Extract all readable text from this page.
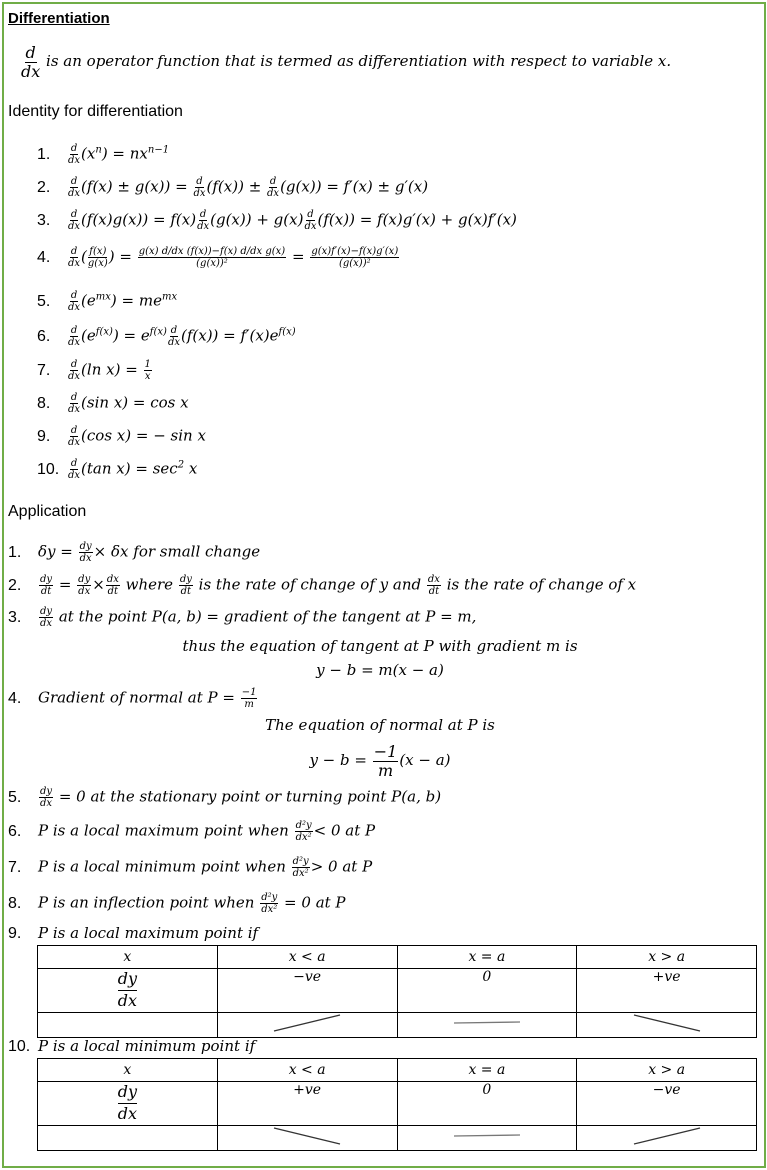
Differentiation
$\frac{d}{dx}$ is an operator function that is termed as differentiation with respect to variable x.
Identity for differentiation
1. $\frac{d}{dx} (x^n) = nx^{n-1}$
2. $\frac{d}{dx} (f(x) \pm g(x)) = \frac{d}{dx} (f(x)) \pm \frac{d}{dx} (g(x)) = f'(x) \pm g'(x)$
3. $\frac{d}{dx} (f(x)g(x)) = f(x) \frac{d}{dx} (g(x)) + g(x) \frac{d}{dx} (f(x)) = f(x)g'(x) + g(x)f'(x)$
4. $\frac{d}{dx}$ ( $\frac{f(x)}{g(x)}$ ) = $\frac{\text{g(x) d/dx (f(x))−f(x) d/dx g(x)}}{\text{(g(x))²}} = \frac{g(x)f'(x)-f(x)g'(x)}{\text{(g(x))²}}$
5. $\frac{d}{dx} (e^{mx}) = me^{mx}$
6. $\frac{d}{dx} (e^{f(x)}) = e^{f(x)} \frac{d}{dx} (f(x)) = f'(x)e^{f(x)}$
7. $\frac{d}{dx} (\ln$ $x) = \frac{1}{x}$
8. $\frac{d}{dx} (\sin$ x) = cos x
9. $\frac{d}{dx} (\cos$ x) = − sin x
10. $\frac{d}{dx} (\tan$ $x) = \sec^2 x$
Application
1. $\delta y = \frac{dy}{dx} \times \delta x$ for small change
2. $\frac{dy}{dt} = \frac{dy}{dx} \times \frac{dx}{dt}$ where $\frac{dy}{dt}$ is the rate of change of y and $\frac{dx}{dt}$ is the rate of change of x
3. $\frac{dy}{dx}$ at the point P(a, b) = gradient of the tangent at P = m,
thus the equation of tangent at P with gradient m is
y − b = m(x − a)
4. Gradient of normal at $P = \frac{-1}{m}$
The equation of normal at P is
$y - b = \frac{-1}{m} (x - a)$
5. $\frac{dy}{dx} = 0$ at the stationary point or turning point P(a, b)
6. P is a local maximum point when $\frac{\text{d²y}}{\text{dx²}} < 0$ at P
7. P is a local minimum point when $\frac{\text{d²y}}{\text{dx²}} > 0$ at P
8. P is an inflection point when $\frac{\text{d²y}}{\text{dx²}} = 0$ at P
9. P is a local maximum point if
10. P is a local minimum point if
x	x < a	x = a	x > a

$\frac{dy}{dx}$	−ve	0	+ve

x	x < a	x = a	x > a

$\frac{dy}{dx}$	+ve	0	−ve
